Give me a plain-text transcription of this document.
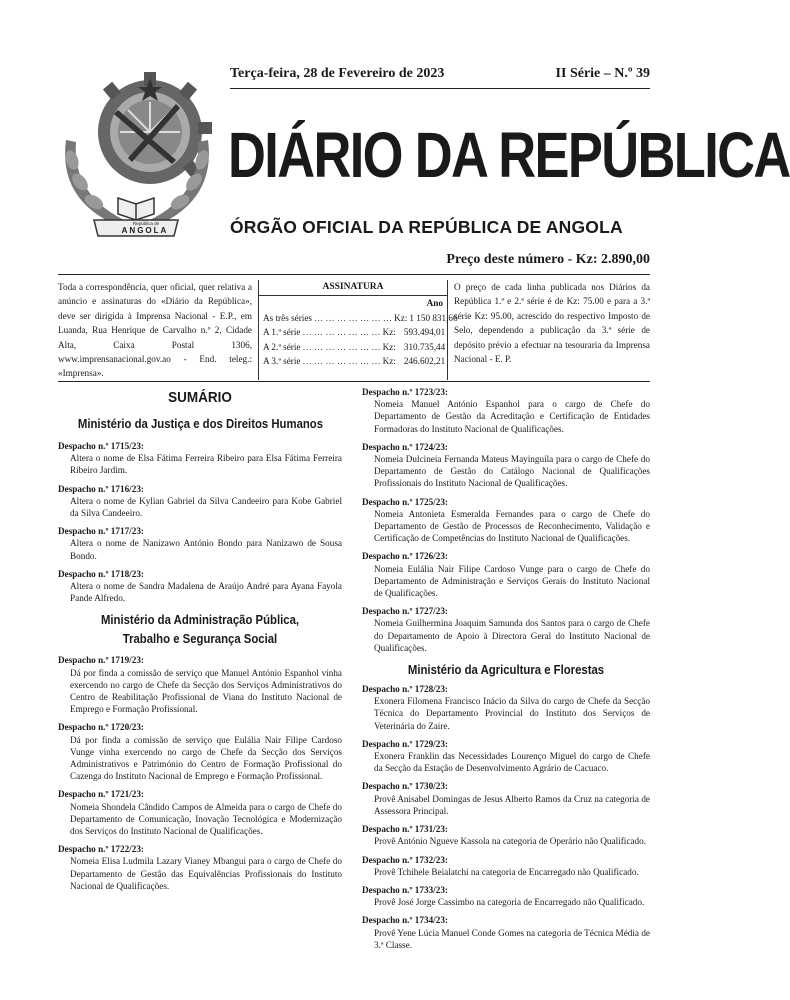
República de
ANGOLA
Terça-feira, 28 de Fevereiro de 2023	II Série – N.º 39
DIÁRIO DA REPÚBLICA
ÓRGÃO OFICIAL DA REPÚBLICA DE ANGOLA
Preço deste número - Kz: 2.890,00
Toda a correspondência, quer oficial, quer relativa a anúncio e assinaturas do «Diário da República», deve ser dirigida à Imprensa Nacional - E.P., em Luanda, Rua Henrique de Carvalho n.º 2, Cidade Alta, Caixa Postal 1306, www.imprensanacional.gov.ao - End. teleg.: «Imprensa».
ASSINATURA
Ano
As três séries … … … … … … … Kz: 1 150 831,66
A 1.ª série … … … … … … … Kz: 593.494,01
A 2.ª série … … … … … … … Kz: 310.735,44
A 3.ª série … … … … … … … Kz: 246.602,21
O preço de cada linha publicada nos Diários da República 1.ª e 2.ª série é de Kz: 75.00 e para a 3.ª série Kz: 95.00, acrescido do respectivo Imposto de Selo, dependendo a publicação da 3.ª série de depósito prévio a efectuar na tesouraria da Imprensa Nacional - E. P.
SUMÁRIO
Ministério da Justiça e dos Direitos Humanos
Despacho n.º 1715/23:
Altera o nome de Elsa Fátima Ferreira Ribeiro para Elsa Fátima Ferreira Ribeiro Jardim.
Despacho n.º 1716/23:
Altera o nome de Kylian Gabriel da Silva Candeeiro para Kobe Gabriel da Silva Candeeiro.
Despacho n.º 1717/23:
Altera o nome de Nanizawo António Bondo para Nanizawo de Sousa Bondo.
Despacho n.º 1718/23:
Altera o nome de Sandra Madalena de Araújo André para Ayana Fayola Pande Alfredo.
Ministério da Administração Pública,
Trabalho e Segurança Social
Despacho n.º 1719/23:
Dá por finda a comissão de serviço que Manuel António Espanhol vinha exercendo no cargo de Chefe da Secção dos Serviços Administrativos do Centro de Reabilitação Profissional de Viana do Instituto Nacional de Emprego e Formação Profissional.
Despacho n.º 1720/23:
Dá por finda a comissão de serviço que Eulália Nair Filipe Cardoso Vunge vinha exercendo no cargo de Chefe da Secção dos Serviços Administrativos e Património do Centro de Formação Profissional do Cazenga do Instituto Nacional de Emprego e Formação Profissional.
Despacho n.º 1721/23:
Nomeia Shondela Cândido Campos de Almeida para o cargo de Chefe do Departamento de Comunicação, Inovação Tecnológica e Modernização dos Serviços do Instituto Nacional de Qualificações.
Despacho n.º 1722/23:
Nomeia Elisa Ludmila Lazary Vianey Mbangui para o cargo de Chefe do Departamento de Gestão das Equivalências Profissionais do Instituto Nacional de Qualificações.
Despacho n.º 1723/23:
Nomeia Manuel António Espanhol para o cargo de Chefe do Departamento de Gestão da Acreditação e Certificação de Entidades Formadoras do Instituto Nacional de Qualificações.
Despacho n.º 1724/23:
Nomeia Dulcineia Fernanda Mateus Mayinguila para o cargo de Chefe do Departamento de Gestão do Catálogo Nacional de Qualificações Profissionais do Instituto Nacional de Qualificações.
Despacho n.º 1725/23:
Nomeia Antonieta Esmeralda Fernandes para o cargo de Chefe do Departamento de Gestão de Processos de Reconhecimento, Validação e Certificação de Competências do Instituto Nacional de Qualificações.
Despacho n.º 1726/23:
Nomeia Eulália Nair Filipe Cardoso Vunge para o cargo de Chefe do Departamento de Administração e Serviços Gerais do Instituto Nacional de Qualificações.
Despacho n.º 1727/23:
Nomeia Guilhermina Joaquim Samunda dos Santos para o cargo de Chefe do Departamento de Apoio à Directora Geral do Instituto Nacional de Qualificações.
Ministério da Agricultura e Florestas
Despacho n.º 1728/23:
Exonera Filomena Francisco Inácio da Silva do cargo de Chefe da Secção Técnica do Departamento Provincial do Instituto dos Serviços de Veterinária do Zaire.
Despacho n.º 1729/23:
Exonera Franklin das Necessidades Lourenço Miguel do cargo de Chefe da Secção da Estação de Desenvolvimento Agrário de Cacuaco.
Despacho n.º 1730/23:
Provê Anisabel Domingas de Jesus Alberto Ramos da Cruz na categoria de Assessora Principal.
Despacho n.º 1731/23:
Provê António Ngueve Kassola na categoria de Operário não Qualificado.
Despacho n.º 1732/23:
Provê Tchihele Beialatchi na categoria de Encarregado não Qualificado.
Despacho n.º 1733/23:
Provê José Jorge Cassimbo na categoria de Encarregado não Qualificado.
Despacho n.º 1734/23:
Provê Yene Lúcia Manuel Conde Gomes na categoria de Técnica Média de 3.ª Classe.
